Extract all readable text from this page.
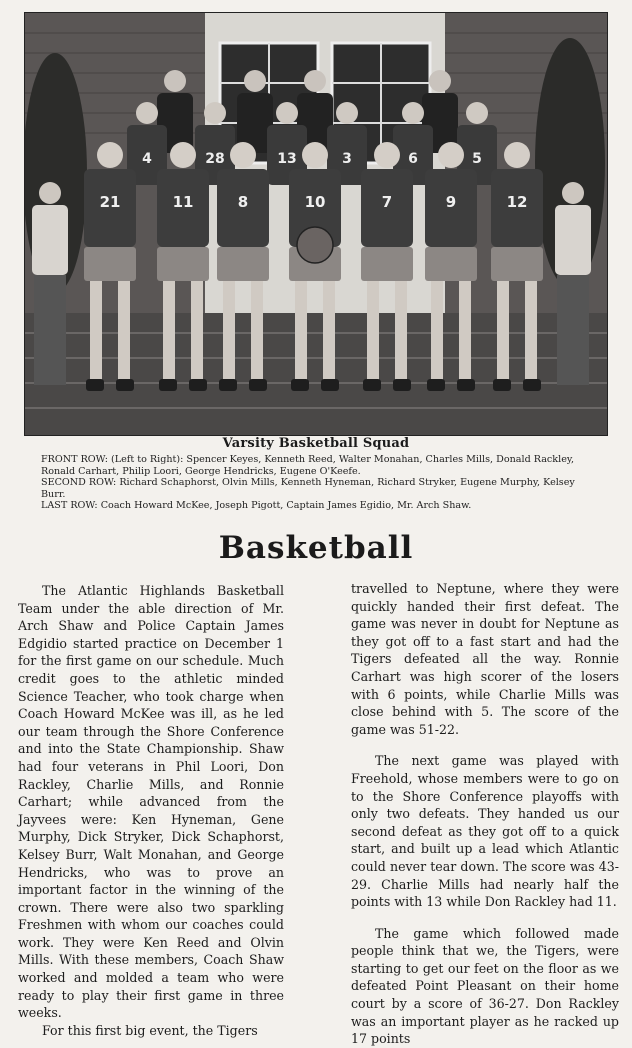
4	28	13	3	6	5
21	11	8	10	7	9	12
Varsity Basketball Squad

FRONT ROW: (Left to Right): Spencer Keyes, Kenneth Reed, Walter Monahan, Charles Mills, Donald Rackley, Ronald Carhart, Philip Loori, George Hendricks, Eugene O'Keefe.

SECOND ROW: Richard Schaphorst, Olvin Mills, Kenneth Hyneman, Richard Stryker, Eugene Murphy, Kelsey Burr.

LAST ROW: Coach Howard McKee, Joseph Pigott, Captain James Egidio, Mr. Arch Shaw.

Basketball

The Atlantic Highlands Basketball Team under the able direction of Mr. Arch Shaw and Police Captain James Edgidio started practice on December 1 for the first game on our schedule. Much credit goes to the athletic minded Science Teacher, who took charge when Coach Howard McKee was ill, as he led our team through the Shore Conference and into the State Championship. Shaw had four veterans in Phil Loori, Don Rackley, Charlie Mills, and Ronnie Carhart; while advanced from the Jayvees were: Ken Hyneman, Gene Murphy, Dick Stryker, Dick Schaphorst, Kelsey Burr, Walt Monahan, and George Hendricks, who was to prove an important factor in the winning of the crown. There were also two sparkling Freshmen with whom our coaches could work. They were Ken Reed and Olvin Mills. With these members, Coach Shaw worked and molded a team who were ready to play their first game in three weeks.

For this first big event, the Tigers

travelled to Neptune, where they were quickly handed their first defeat. The game was never in doubt for Neptune as they got off to a fast start and had the Tigers defeated all the way. Ronnie Carhart was high scorer of the losers with 6 points, while Charlie Mills was close behind with 5. The score of the game was 51-22.

The next game was played with Freehold, whose members were to go on to the Shore Conference playoffs with only two defeats. They handed us our second defeat as they got off to a quick start, and built up a lead which Atlantic could never tear down. The score was 43-29. Charlie Mills had nearly half the points with 13 while Don Rackley had 11.

The game which followed made people think that we, the Tigers, were starting to get our feet on the floor as we defeated Point Pleasant on their home court by a score of 36-27. Don Rackley was an important player as he racked up 17 points
